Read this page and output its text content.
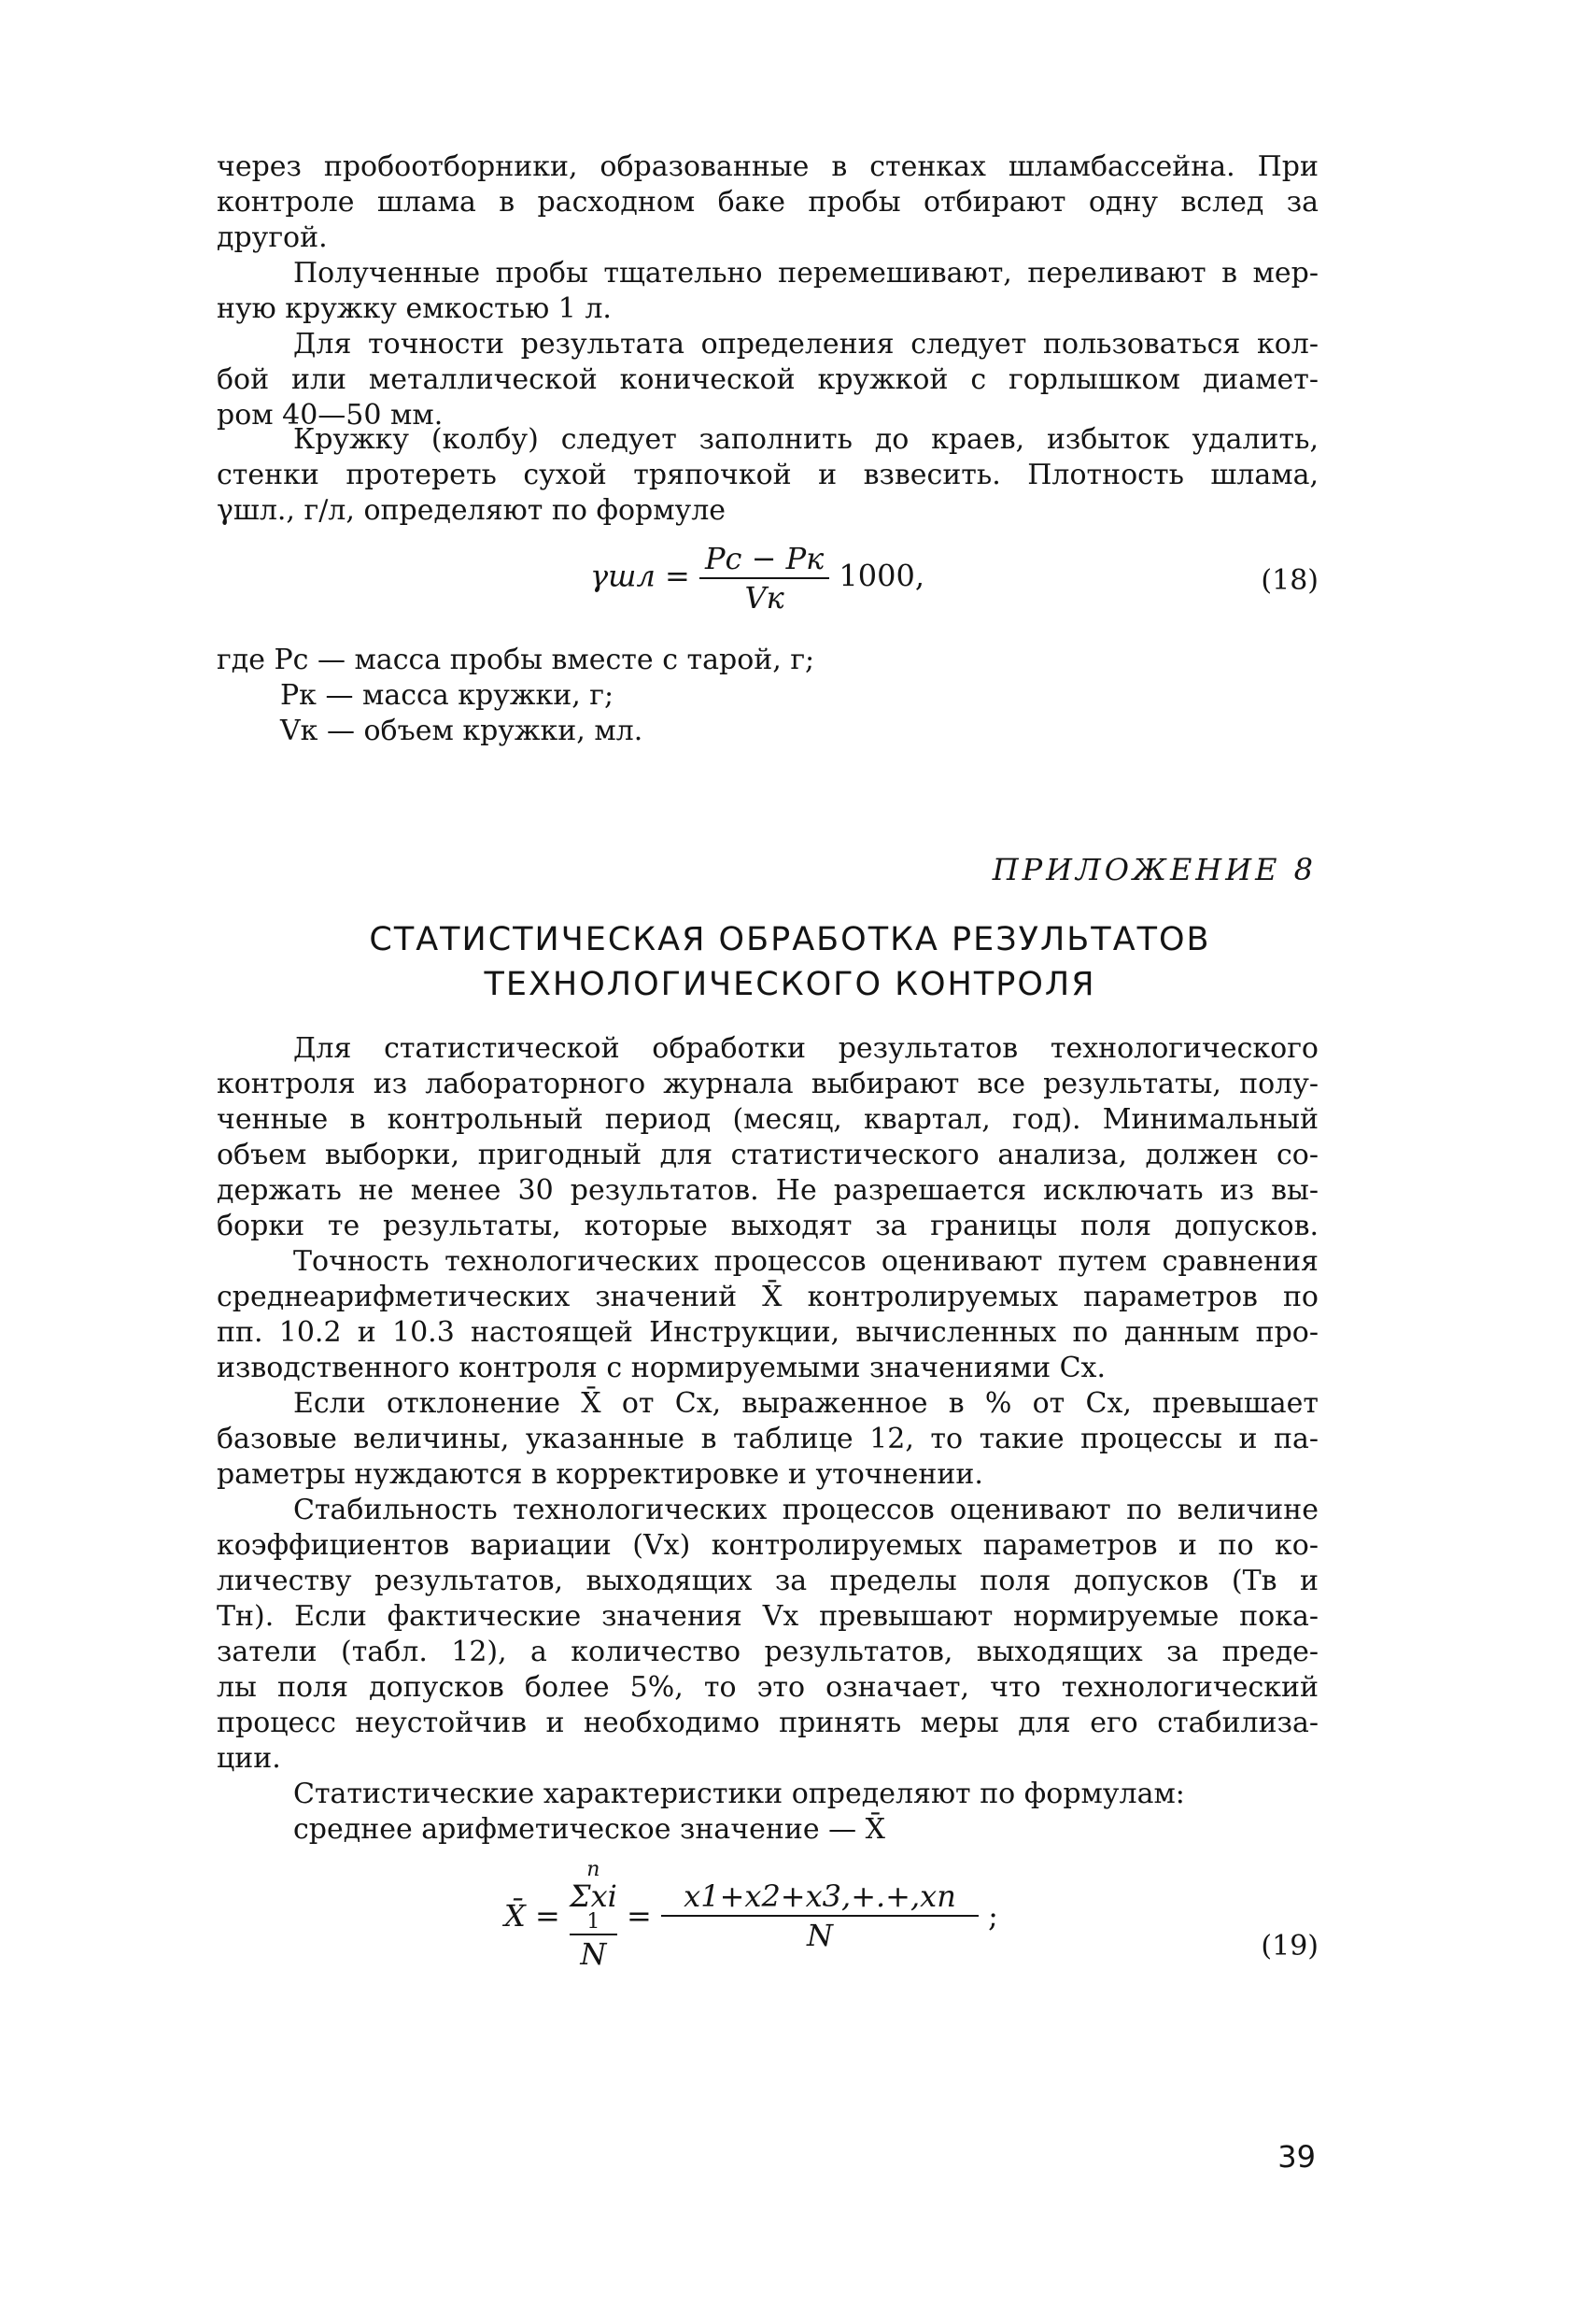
через пробоотборники, образованные в стенках шламбассейна. При
контроле шлама в расходном баке пробы отбирают одну вслед за
другой.
Полученные пробы тщательно перемешивают, переливают в мер-
ную кружку емкостью 1 л.
Для точности результата определения следует пользоваться кол-
бой или металлической конической кружкой с горлышком диамет-
ром 40—50 мм.
Кружку (колбу) следует заполнить до краев, избыток удалить,
стенки протереть сухой тряпочкой и взвесить. Плотность шлама,
γшл., г/л, определяют по формуле
$\gamma шл = \frac{Pс - Pк}{Vк} 1000$,	(18)
где Pс — масса пробы вместе с тарой, г;
Pк — масса кружки, г;
Vк — объем кружки, мл.
ПРИЛОЖЕНИЕ 8
СТАТИСТИЧЕСКАЯ ОБРАБОТКА РЕЗУЛЬТАТОВ
ТЕХНОЛОГИЧЕСКОГО КОНТРОЛЯ
Для статистической обработки результатов технологического
контроля из лабораторного журнала выбирают все результаты, полу-
ченные в контрольный период (месяц, квартал, год). Минимальный
объем выборки, пригодный для статистического анализа, должен со-
держать не менее 30 результатов. Не разрешается исключать из вы-
борки те результаты, которые выходят за границы поля допусков.
Точность технологических процессов оценивают путем сравнения
среднеарифметических значений X̄ контролируемых параметров по
пп. 10.2 и 10.3 настоящей Инструкции, вычисленных по данным про-
изводственного контроля с нормируемыми значениями Cx.
Если отклонение X̄ от Cx, выраженное в % от Cx, превышает
базовые величины, указанные в таблице 12, то такие процессы и па-
раметры нуждаются в корректировке и уточнении.
Стабильность технологических процессов оценивают по величине
коэффициентов вариации (Vx) контролируемых параметров и по ко-
личеству результатов, выходящих за пределы поля допусков (Tв и
Tн). Если фактические значения Vx превышают нормируемые пока-
затели (табл. 12), а количество результатов, выходящих за преде-
лы поля допусков более 5%, то это означает, что технологический
процесс неустойчив и необходимо принять меры для его стабилиза-
ции.
Статистические характеристики определяют по формулам:
среднее арифметическое значение — X̄
X̄ =
n
Σxi
1
N
= $\frac{x1+x2+x3,+.+,xn}{N}$ ;
(19)
39
